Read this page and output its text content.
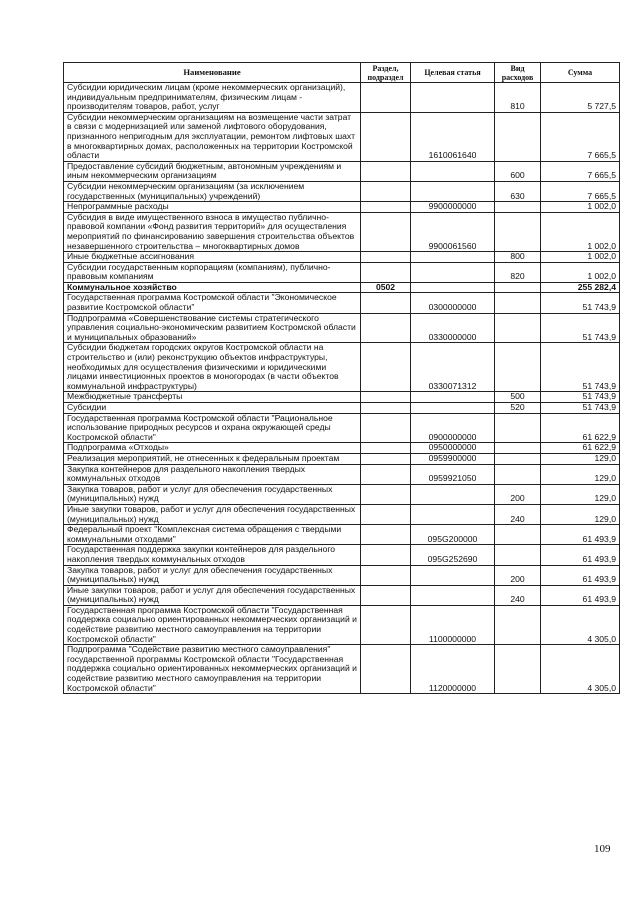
Наименование	Раздел, подраздел	Целевая статья	Вид расходов	Сумма
Субсидии юридическим лицам (кроме некоммерческих организаций), индивидуальным предпринимателям, физическим лицам - производителям товаров, работ, услуг			810	5 727,5
Субсидии некоммерческим организациям на возмещение части затрат в связи с модернизацией или заменой лифтового оборудования, признанного непригодным для эксплуатации, ремонтом лифтовых шахт в многоквартирных домах, расположенных на территории Костромской области		1610061640		7 665,5
Предоставление субсидий бюджетным, автономным учреждениям и иным некоммерческим организациям			600	7 665,5
Субсидии некоммерческим организациям (за исключением государственных (муниципальных) учреждений)			630	7 665,5
Непрограммные расходы		9900000000		1 002,0
Субсидия в виде имущественного взноса в имущество публично-правовой компании «Фонд развития территорий» для осуществления мероприятий по финансированию завершения строительства объектов незавершенного строительства – многоквартирных домов		9900061560		1 002,0
Иные бюджетные ассигнования			800	1 002,0
Субсидии государственным корпорациям (компаниям), публично-правовым компаниям			820	1 002,0
Коммунальное хозяйство	0502			255 282,4
Государственная программа Костромской области "Экономическое развитие Костромской области"		0300000000		51 743,9
Подпрограмма «Совершенствование системы стратегического управления социально-экономическим развитием Костромской области и муниципальных образований»		0330000000		51 743,9
Субсидии бюджетам городских округов Костромской области на строительство и (или) реконструкцию объектов инфраструктуры, необходимых для осуществления физическими и юридическими лицами инвестиционных проектов в моногородах (в части объектов коммунальной инфраструктуры)		0330071312		51 743,9
Межбюджетные трансферты			500	51 743,9
Субсидии			520	51 743,9
Государственная программа Костромской области "Рациональное использование природных ресурсов и охрана окружающей среды Костромской области"		0900000000		61 622,9
Подпрограмма «Отходы»		0950000000		61 622,9
Реализация мероприятий, не отнесенных к федеральным проектам		0959900000		129,0
Закупка контейнеров для раздельного накопления твердых коммунальных отходов		0959921050		129,0
Закупка товаров, работ и услуг для обеспечения государственных (муниципальных) нужд			200	129,0
Иные закупки товаров, работ и услуг для обеспечения государственных (муниципальных) нужд			240	129,0
Федеральный проект "Комплексная система обращения с твердыми коммунальными отходами"		095G200000		61 493,9
Государственная поддержка закупки контейнеров для раздельного накопления твердых коммунальных отходов		095G252690		61 493,9
Закупка товаров, работ и услуг для обеспечения государственных (муниципальных) нужд			200	61 493,9
Иные закупки товаров, работ и услуг для обеспечения государственных (муниципальных) нужд			240	61 493,9
Государственная программа Костромской области "Государственная поддержка социально ориентированных некоммерческих организаций и содействие развитию местного самоуправления на территории Костромской области"		1100000000		4 305,0
Подпрограмма "Содействие развитию местного самоуправления" государственной программы Костромской области "Государственная поддержка социально ориентированных некоммерческих организаций и содействие развитию местного самоуправления на территории Костромской области"		1120000000		4 305,0
109
